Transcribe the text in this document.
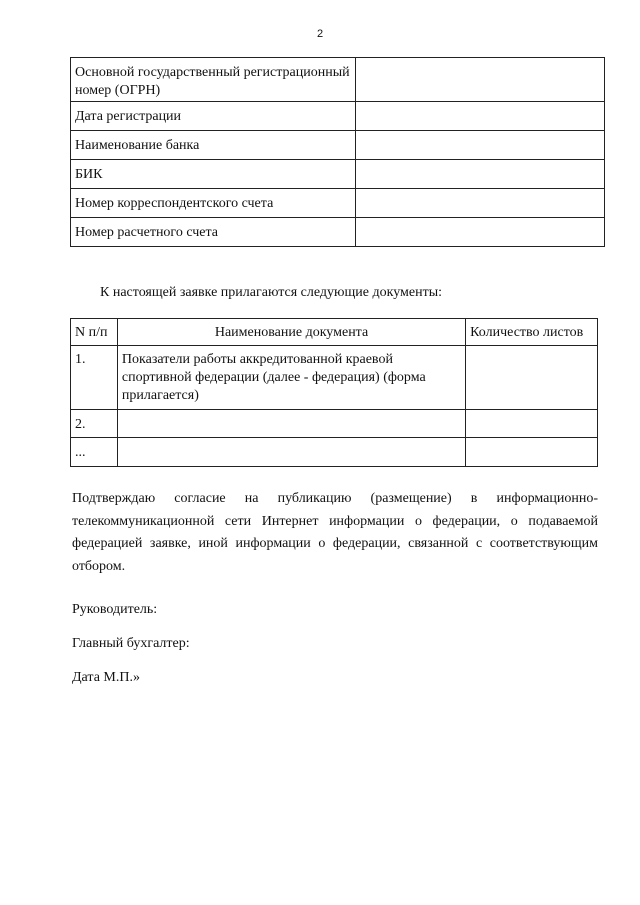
2
Основной государственный регистрационный номер (ОГРН)	
Дата регистрации	
Наименование банка	
БИК	
Номер корреспондентского счета	
Номер расчетного счета	
К настоящей заявке прилагаются следующие документы:
N п/п	Наименование документа	Количество листов
1.	Показатели работы аккредитованной краевой спортивной федерации (далее - федерация) (форма прилагается)	
2.		
...		

Подтверждаю согласие на публикацию (размещение) в информационно-телекоммуникационной сети Интернет информации о федерации, о подаваемой федерацией заявке, иной информации о федерации, связанной с соответствующим отбором.

Руководитель:
Главный бухгалтер:
Дата М.П.»
